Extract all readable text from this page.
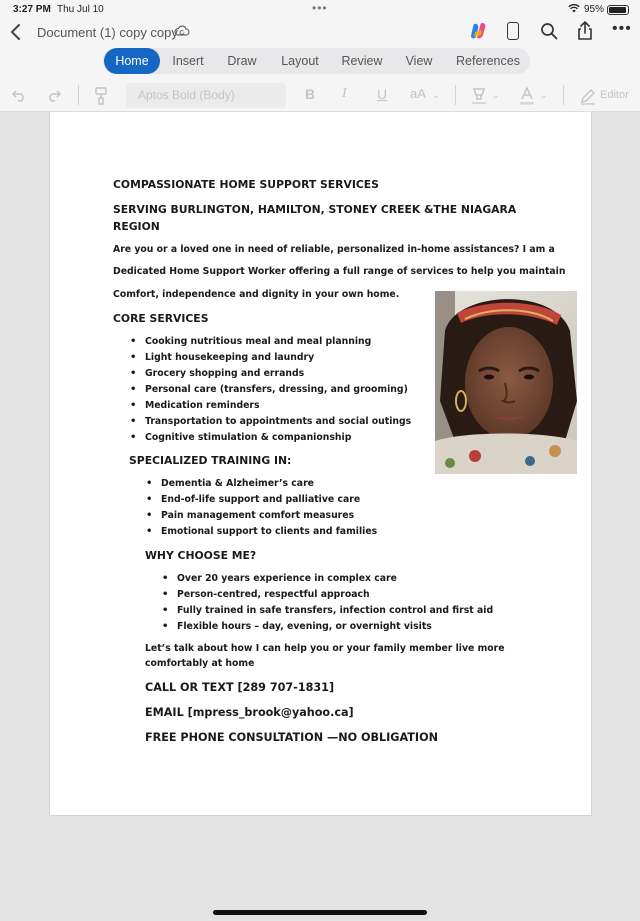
3:27 PM Thu Jul 10	•••	95%
Document (1) copy copy	•••
Home	Insert	Draw	Layout	Review	View	References
Aptos Bold (Body)	B I U aA ⌄	⌄	⌄	Editor
COMPASSIONATE HOME SUPPORT SERVICES
SERVING BURLINGTON, HAMILTON, STONEY CREEK &THE NIAGARA
REGION
Are you or a loved one in need of reliable, personalized in-home assistances? I am a
Dedicated Home Support Worker offering a full range of services to help you maintain
Comfort, independence and dignity in your own home.
CORE SERVICES
• Cooking nutritious meal and meal planning
• Light housekeeping and laundry
• Grocery shopping and errands
• Personal care (transfers, dressing, and grooming)
• Medication reminders
• Transportation to appointments and social outings
• Cognitive stimulation & companionship
SPECIALIZED TRAINING IN:
• Dementia & Alzheimer’s care
• End-of-life support and palliative care
• Pain management comfort measures
• Emotional support to clients and families
WHY CHOOSE ME?
• Over 20 years experience in complex care
• Person-centred, respectful approach
• Fully trained in safe transfers, infection control and first aid
• Flexible hours – day, evening, or overnight visits
Let’s talk about how I can help you or your family member live more
comfortably at home
CALL OR TEXT [289 707-1831]
EMAIL [mpress_brook@yahoo.ca]
FREE PHONE CONSULTATION —NO OBLIGATION
